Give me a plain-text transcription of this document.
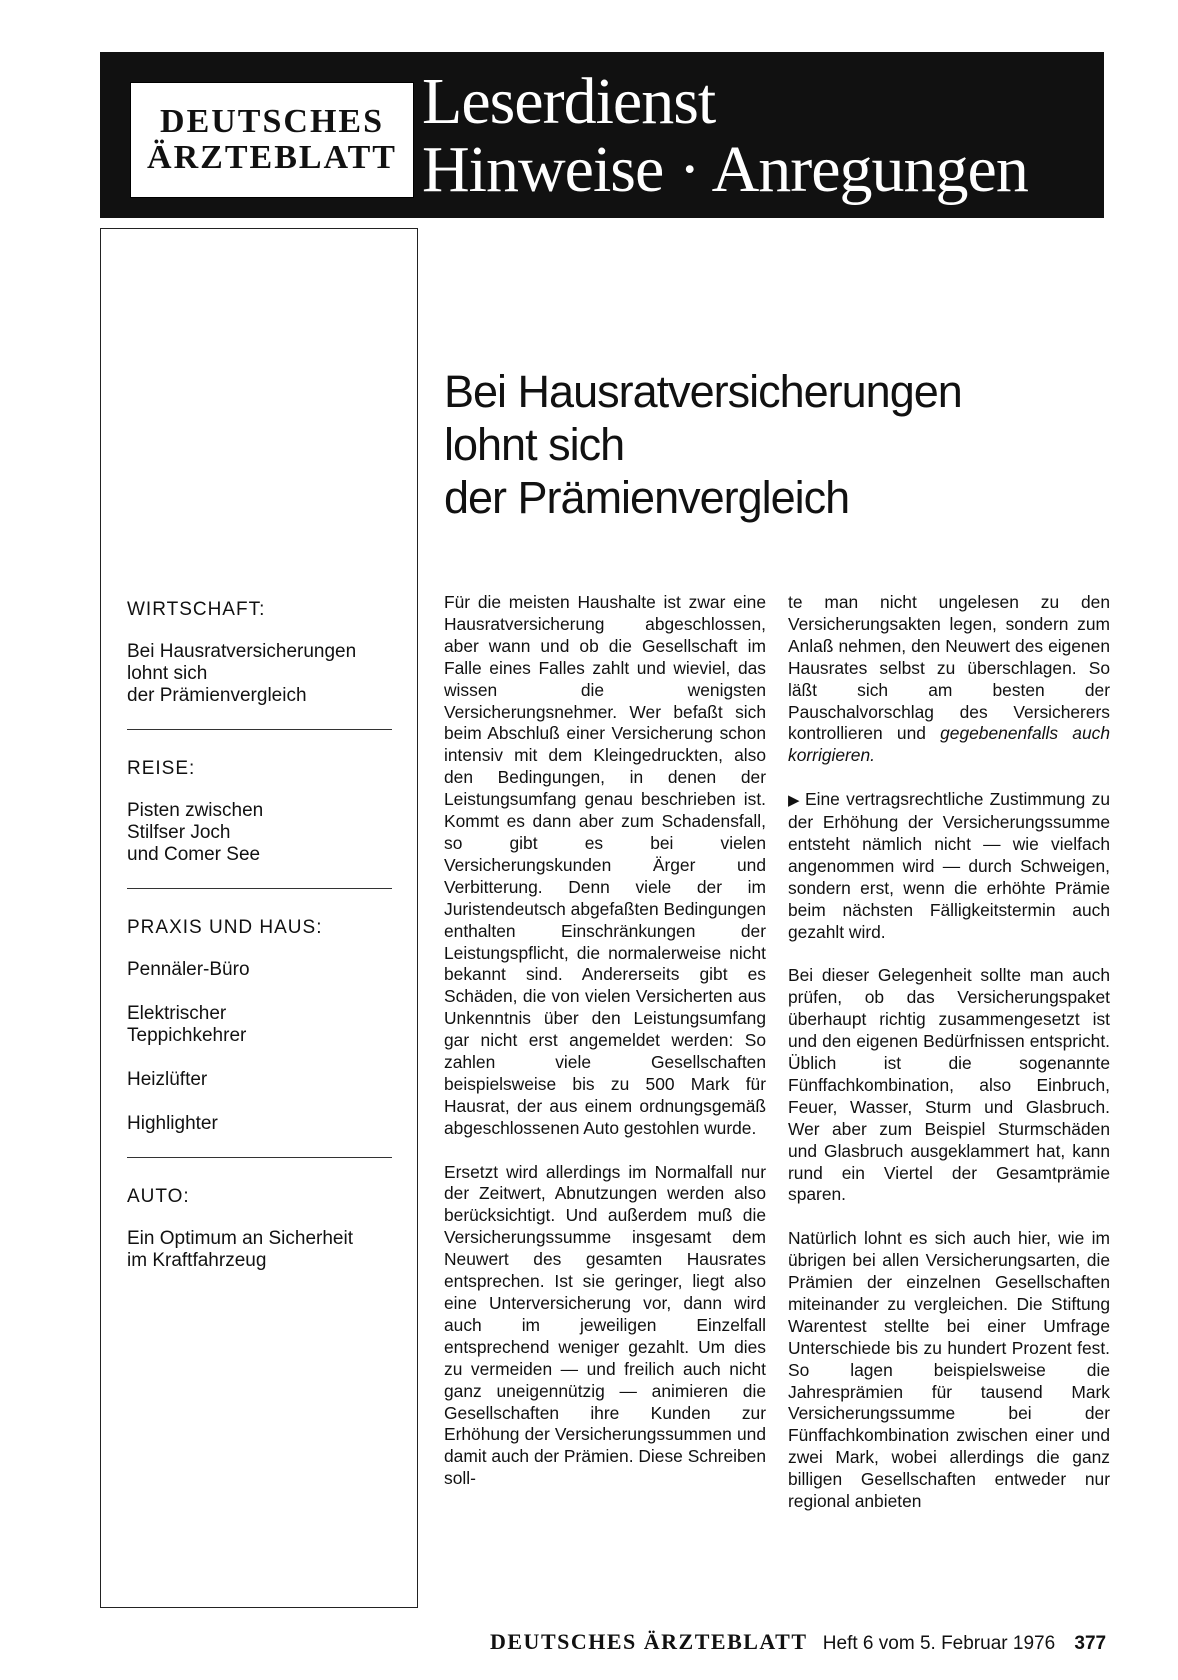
DEUTSCHES
ÄRZTEBLATT
Leserdienst
Hinweise · Anregungen
WIRTSCHAFT:
Bei Hausratversicherungen
lohnt sich
der Prämienvergleich
REISE:
Pisten zwischen
Stilfser Joch
und Comer See
PRAXIS UND HAUS:
Pennäler-Büro
Elektrischer
Teppichkehrer
Heizlüfter
Highlighter
AUTO:
Ein Optimum an Sicherheit
im Kraftfahrzeug
Bei Hausratversicherungen
lohnt sich
der Prämienvergleich

Für die meisten Haushalte ist zwar eine Hausratversicherung abgeschlossen, aber wann und ob die Gesellschaft im Falle eines Falles zahlt und wieviel, das wissen die wenigsten Versicherungsnehmer. Wer befaßt sich beim Abschluß einer Versicherung schon intensiv mit dem Kleingedruckten, also den Bedingungen, in denen der Leistungsumfang genau beschrieben ist. Kommt es dann aber zum Schadensfall, so gibt es bei vielen Versicherungskunden Ärger und Verbitterung. Denn viele der im Juristendeutsch abgefaßten Bedingungen enthalten Einschränkungen der Leistungspflicht, die normalerweise nicht bekannt sind. Andererseits gibt es Schäden, die von vielen Versicherten aus Unkenntnis über den Leistungsumfang gar nicht erst angemeldet werden: So zahlen viele Gesellschaften beispielsweise bis zu 500 Mark für Hausrat, der aus einem ordnungsgemäß abgeschlossenen Auto gestohlen wurde.

Ersetzt wird allerdings im Normalfall nur der Zeitwert, Abnutzungen werden also berücksichtigt. Und außerdem muß die Versicherungssumme insgesamt dem Neuwert des gesamten Hausrates entsprechen. Ist sie geringer, liegt also eine Unterversicherung vor, dann wird auch im jeweiligen Einzelfall entsprechend weniger gezahlt. Um dies zu vermeiden — und freilich auch nicht ganz uneigennützig — animieren die Gesellschaften ihre Kunden zur Erhöhung der Versicherungssummen und damit auch der Prämien. Diese Schreiben soll-

te man nicht ungelesen zu den Versicherungsakten legen, sondern zum Anlaß nehmen, den Neuwert des eigenen Hausrates selbst zu überschlagen. So läßt sich am besten der Pauschalvorschlag des Versicherers kontrollieren und gegebenenfalls auch korrigieren.

▶ Eine vertragsrechtliche Zustimmung zu der Erhöhung der Versicherungssumme entsteht nämlich nicht — wie vielfach angenommen wird — durch Schweigen, sondern erst, wenn die erhöhte Prämie beim nächsten Fälligkeitstermin auch gezahlt wird.

Bei dieser Gelegenheit sollte man auch prüfen, ob das Versicherungspaket überhaupt richtig zusammengesetzt ist und den eigenen Bedürfnissen entspricht. Üblich ist die sogenannte Fünffachkombination, also Einbruch, Feuer, Wasser, Sturm und Glasbruch. Wer aber zum Beispiel Sturmschäden und Glasbruch ausgeklammert hat, kann rund ein Viertel der Gesamtprämie sparen.

Natürlich lohnt es sich auch hier, wie im übrigen bei allen Versicherungsarten, die Prämien der einzelnen Gesellschaften miteinander zu vergleichen. Die Stiftung Warentest stellte bei einer Umfrage Unterschiede bis zu hundert Prozent fest. So lagen beispielsweise die Jahresprämien für tausend Mark Versicherungssumme bei der Fünffachkombination zwischen einer und zwei Mark, wobei allerdings die ganz billigen Gesellschaften entweder nur regional anbieten

DEUTSCHES ÄRZTEBLATT Heft 6 vom 5. Februar 1976 377
